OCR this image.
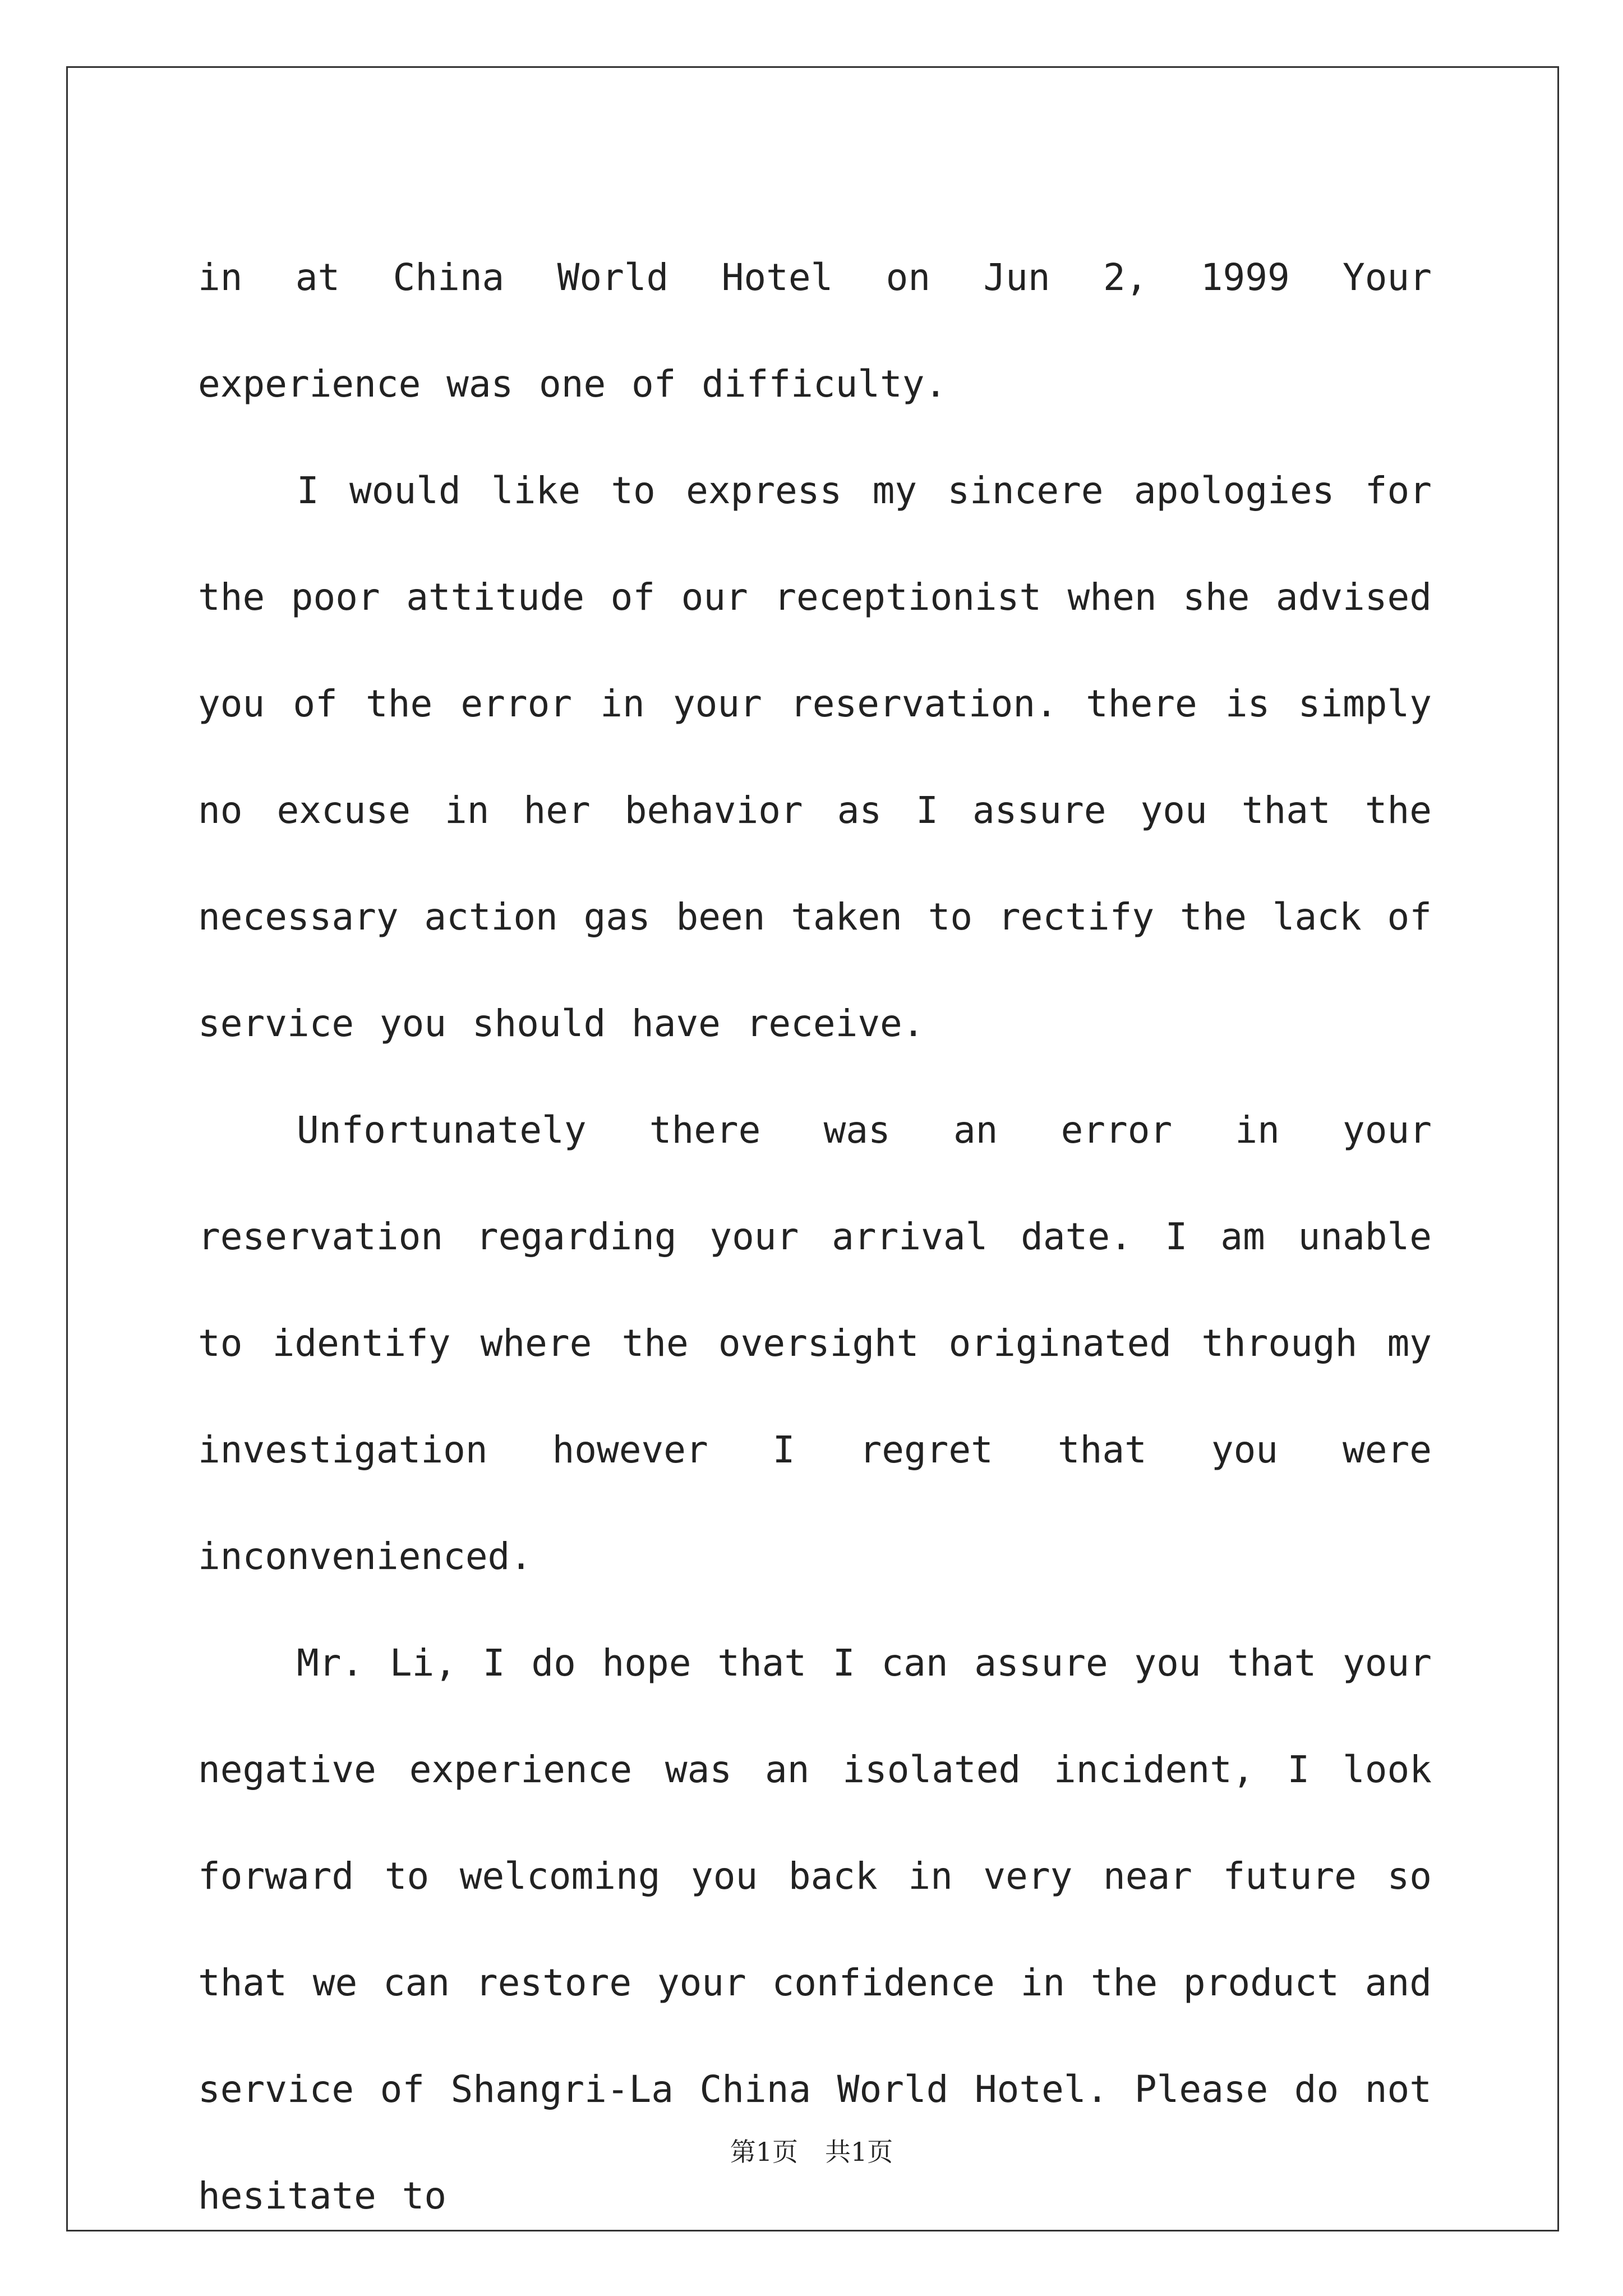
in at China World Hotel on Jun 2, 1999 Your experience was one of difficulty.

I would like to express my sincere apologies for the poor attitude of our receptionist when she advised you of the error in your reservation. there is simply no excuse in her behavior as I assure you that the necessary action gas been taken to rectify the lack of service you should have receive.

Unfortunately there was an error in your reservation regarding your arrival date. I am unable to identify where the oversight originated through my investigation however I regret that you were inconvenienced.

Mr. Li, I do hope that I can assure you that your negative experience was an isolated incident, I look forward to welcoming you back in very near future so that we can restore your confidence in the product and service of Shangri-La China World Hotel. Please do not hesitate to

第1页 共1页
